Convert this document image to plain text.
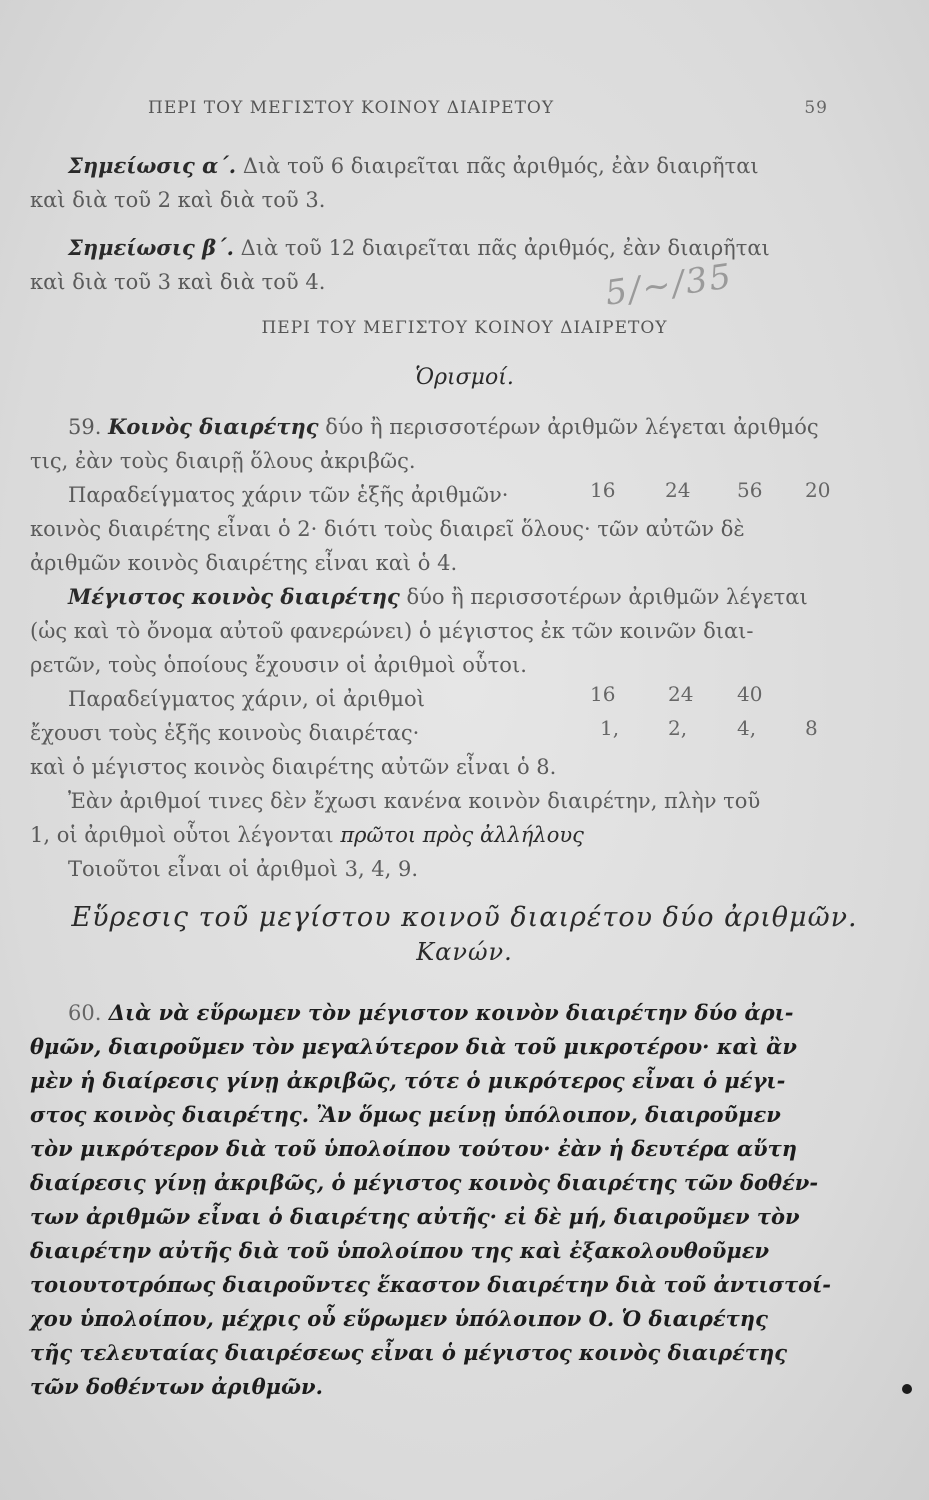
ΠΕΡΙ ΤΟΥ ΜΕΓΙΣΤΟΥ ΚΟΙΝΟΥ ΔΙΑΙΡΕΤΟΥ	59
Σημείωσις α΄. Διὰ τοῦ 6 διαιρεῖται πᾶς ἀριθμός, ἐὰν διαιρῆται
καὶ διὰ τοῦ 2 καὶ διὰ τοῦ 3.
Σημείωσις β΄. Διὰ τοῦ 12 διαιρεῖται πᾶς ἀριθμός, ἐὰν διαιρῆται
καὶ διὰ τοῦ 3 καὶ διὰ τοῦ 4.	5/~/35
ΠΕΡΙ ΤΟΥ ΜΕΓΙΣΤΟΥ ΚΟΙΝΟΥ ΔΙΑΙΡΕΤΟΥ
Ὁρισμοί.
59. Κοινὸς διαιρέτης δύο ἢ περισσοτέρων ἀριθμῶν λέγεται ἀριθμός
τις, ἐὰν τοὺς διαιρῇ ὅλους ἀκριβῶς.
Παραδείγματος χάριν τῶν ἑξῆς ἀριθμῶν·	16 24 56 20
κοινὸς διαιρέτης εἶναι ὁ 2· διότι τοὺς διαιρεῖ ὅλους· τῶν αὐτῶν δὲ
ἀριθμῶν κοινὸς διαιρέτης εἶναι καὶ ὁ 4.
Μέγιστος κοινὸς διαιρέτης δύο ἢ περισσοτέρων ἀριθμῶν λέγεται
(ὡς καὶ τὸ ὄνομα αὐτοῦ φανερώνει) ὁ μέγιστος ἐκ τῶν κοινῶν διαι-
ρετῶν, τοὺς ὁποίους ἔχουσιν οἱ ἀριθμοὶ οὗτοι.
Παραδείγματος χάριν, οἱ ἀριθμοὶ	16	24 40
ἔχουσι τοὺς ἑξῆς κοινοὺς διαιρέτας·	1, 2, 4, 8
καὶ ὁ μέγιστος κοινὸς διαιρέτης αὐτῶν εἶναι ὁ 8.
Ἐὰν ἀριθμοί τινες δὲν ἔχωσι κανένα κοινὸν διαιρέτην, πλὴν τοῦ
1, οἱ ἀριθμοὶ οὗτοι λέγονται πρῶτοι πρὸς ἀλλήλους
Τοιοῦτοι εἶναι οἱ ἀριθμοὶ 3, 4, 9.
Εὕρεσις τοῦ μεγίστου κοινοῦ διαιρέτου δύο ἀριθμῶν.
Κανών.
60. Διὰ νὰ εὕρωμεν τὸν μέγιστον κοινὸν διαιρέτην δύο ἀρι-
θμῶν, διαιροῦμεν τὸν μεγαλύτερον διὰ τοῦ μικροτέρου· καὶ ἂν
μὲν ἡ διαίρεσις γίνῃ ἀκριβῶς, τότε ὁ μικρότερος εἶναι ὁ μέγι-
στος κοινὸς διαιρέτης. Ἂν ὅμως μείνῃ ὑπόλοιπον, διαιροῦμεν
τὸν μικρότερον διὰ τοῦ ὑπολοίπου τούτου· ἐὰν ἡ δευτέρα αὕτη
διαίρεσις γίνῃ ἀκριβῶς, ὁ μέγιστος κοινὸς διαιρέτης τῶν δοθέν-
των ἀριθμῶν εἶναι ὁ διαιρέτης αὐτῆς· εἰ δὲ μή, διαιροῦμεν τὸν
διαιρέτην αὐτῆς διὰ τοῦ ὑπολοίπου της καὶ ἐξακολουθοῦμεν
τοιουτοτρόπως διαιροῦντες ἕκαστον διαιρέτην διὰ τοῦ ἀντιστοί-
χου ὑπολοίπου, μέχρις οὗ εὕρωμεν ὑπόλοιπον Ο. Ὁ διαιρέτης
τῆς τελευταίας διαιρέσεως εἶναι ὁ μέγιστος κοινὸς διαιρέτης
τῶν δοθέντων ἀριθμῶν.
